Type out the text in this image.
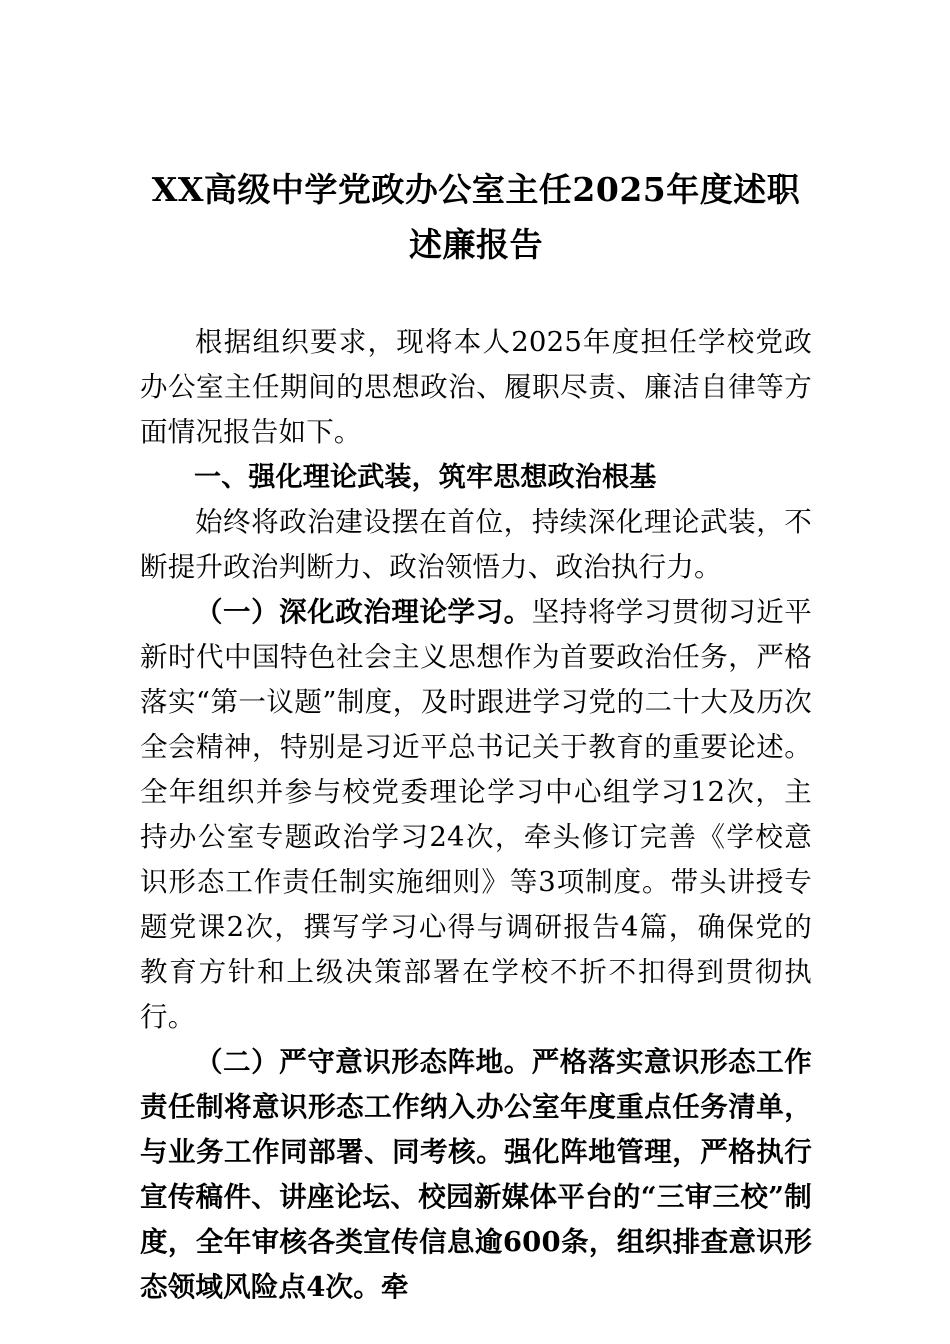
XX高级中学党政办公室主任2025年度述职述廉报告

根据组织要求，现将本人2025年度担任学校党政办公室主任期间的思想政治、履职尽责、廉洁自律等方面情况报告如下。

一、强化理论武装，筑牢思想政治根基

始终将政治建设摆在首位，持续深化理论武装，不断提升政治判断力、政治领悟力、政治执行力。

（一）深化政治理论学习。坚持将学习贯彻习近平新时代中国特色社会主义思想作为首要政治任务，严格落实“第一议题”制度，及时跟进学习党的二十大及历次全会精神，特别是习近平总书记关于教育的重要论述。全年组织并参与校党委理论学习中心组学习12次，主持办公室专题政治学习24次，牵头修订完善《学校意识形态工作责任制实施细则》等3项制度。带头讲授专题党课2次，撰写学习心得与调研报告4篇，确保党的教育方针和上级决策部署在学校不折不扣得到贯彻执行。

（二）严守意识形态阵地。严格落实意识形态工作责任制将意识形态工作纳入办公室年度重点任务清单，与业务工作同部署、同考核。强化阵地管理，严格执行宣传稿件、讲座论坛、校园新媒体平台的“三审三校”制度，全年审核各类宣传信息逾600条，组织排查意识形态领域风险点4次。牵
